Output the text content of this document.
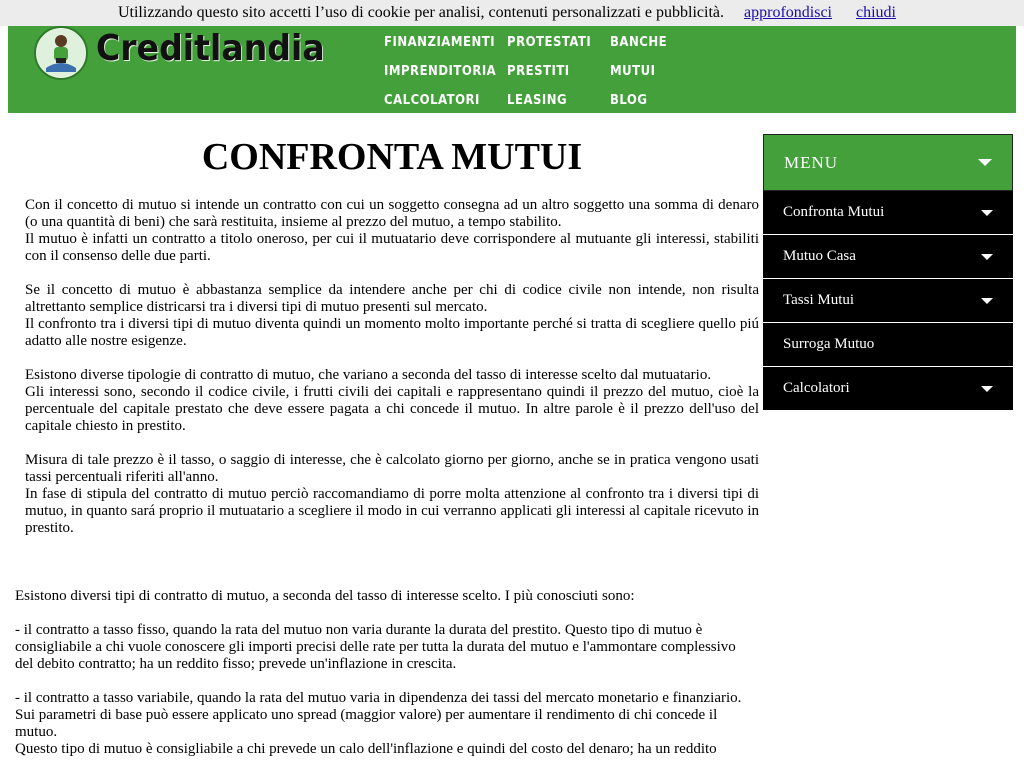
Utilizzando questo sito accetti l’uso di cookie per analisi, contenuti personalizzati e pubblicità. approfondisci chiudi
Creditlandia	FINANZIAMENTI
IMPRENDITORIA
CALCOLATORI
PROTESTATI
PRESTITI
LEASING
BANCHE
MUTUI
BLOG
CONFRONTA MUTUI

Con il concetto di mutuo si intende un contratto con cui un soggetto consegna ad un altro soggetto una somma di denaro (o una quantità di beni) che sarà restituita, insieme al prezzo del mutuo, a tempo stabilito.
Il mutuo è infatti un contratto a titolo oneroso, per cui il mutuatario deve corrispondere al mutuante gli interessi, stabiliti con il consenso delle due parti.

Se il concetto di mutuo è abbastanza semplice da intendere anche per chi di codice civile non intende, non risulta altrettanto semplice districarsi tra i diversi tipi di mutuo presenti sul mercato.
Il confronto tra i diversi tipi di mutuo diventa quindi un momento molto importante perché si tratta di scegliere quello piú adatto alle nostre esigenze.

Esistono diverse tipologie di contratto di mutuo, che variano a seconda del tasso di interesse scelto dal mutuatario.
Gli interessi sono, secondo il codice civile, i frutti civili dei capitali e rappresentano quindi il prezzo del mutuo, cioè la percentuale del capitale prestato che deve essere pagata a chi concede il mutuo. In altre parole è il prezzo dell'uso del capitale chiesto in prestito.

Misura di tale prezzo è il tasso, o saggio di interesse, che è calcolato giorno per giorno, anche se in pratica vengono usati tassi percentuali riferiti all'anno.
In fase di stipula del contratto di mutuo perciò raccomandiamo di porre molta attenzione al confronto tra i diversi tipi di mutuo, in quanto sará proprio il mutuatario a scegliere il modo in cui verranno applicati gli interessi al capitale ricevuto in prestito.

Esistono diversi tipi di contratto di mutuo, a seconda del tasso di interesse scelto. I più conosciuti sono:

- il contratto a tasso fisso, quando la rata del mutuo non varia durante la durata del prestito. Questo tipo di mutuo è consigliabile a chi vuole conoscere gli importi precisi delle rate per tutta la durata del mutuo e l'ammontare complessivo del debito contratto; ha un reddito fisso; prevede un'inflazione in crescita.

- il contratto a tasso variabile, quando la rata del mutuo varia in dipendenza dei tassi del mercato monetario e finanziario.
Sui parametri di base può essere applicato uno spread (maggior valore) per aumentare il rendimento di chi concede il mutuo.
Questo tipo di mutuo è consigliabile a chi prevede un calo dell'inflazione e quindi del costo del denaro; ha un reddito

MENU
Confronta Mutui
Mutuo Casa
Tassi Mutui
Surroga Mutuo
Calcolatori
